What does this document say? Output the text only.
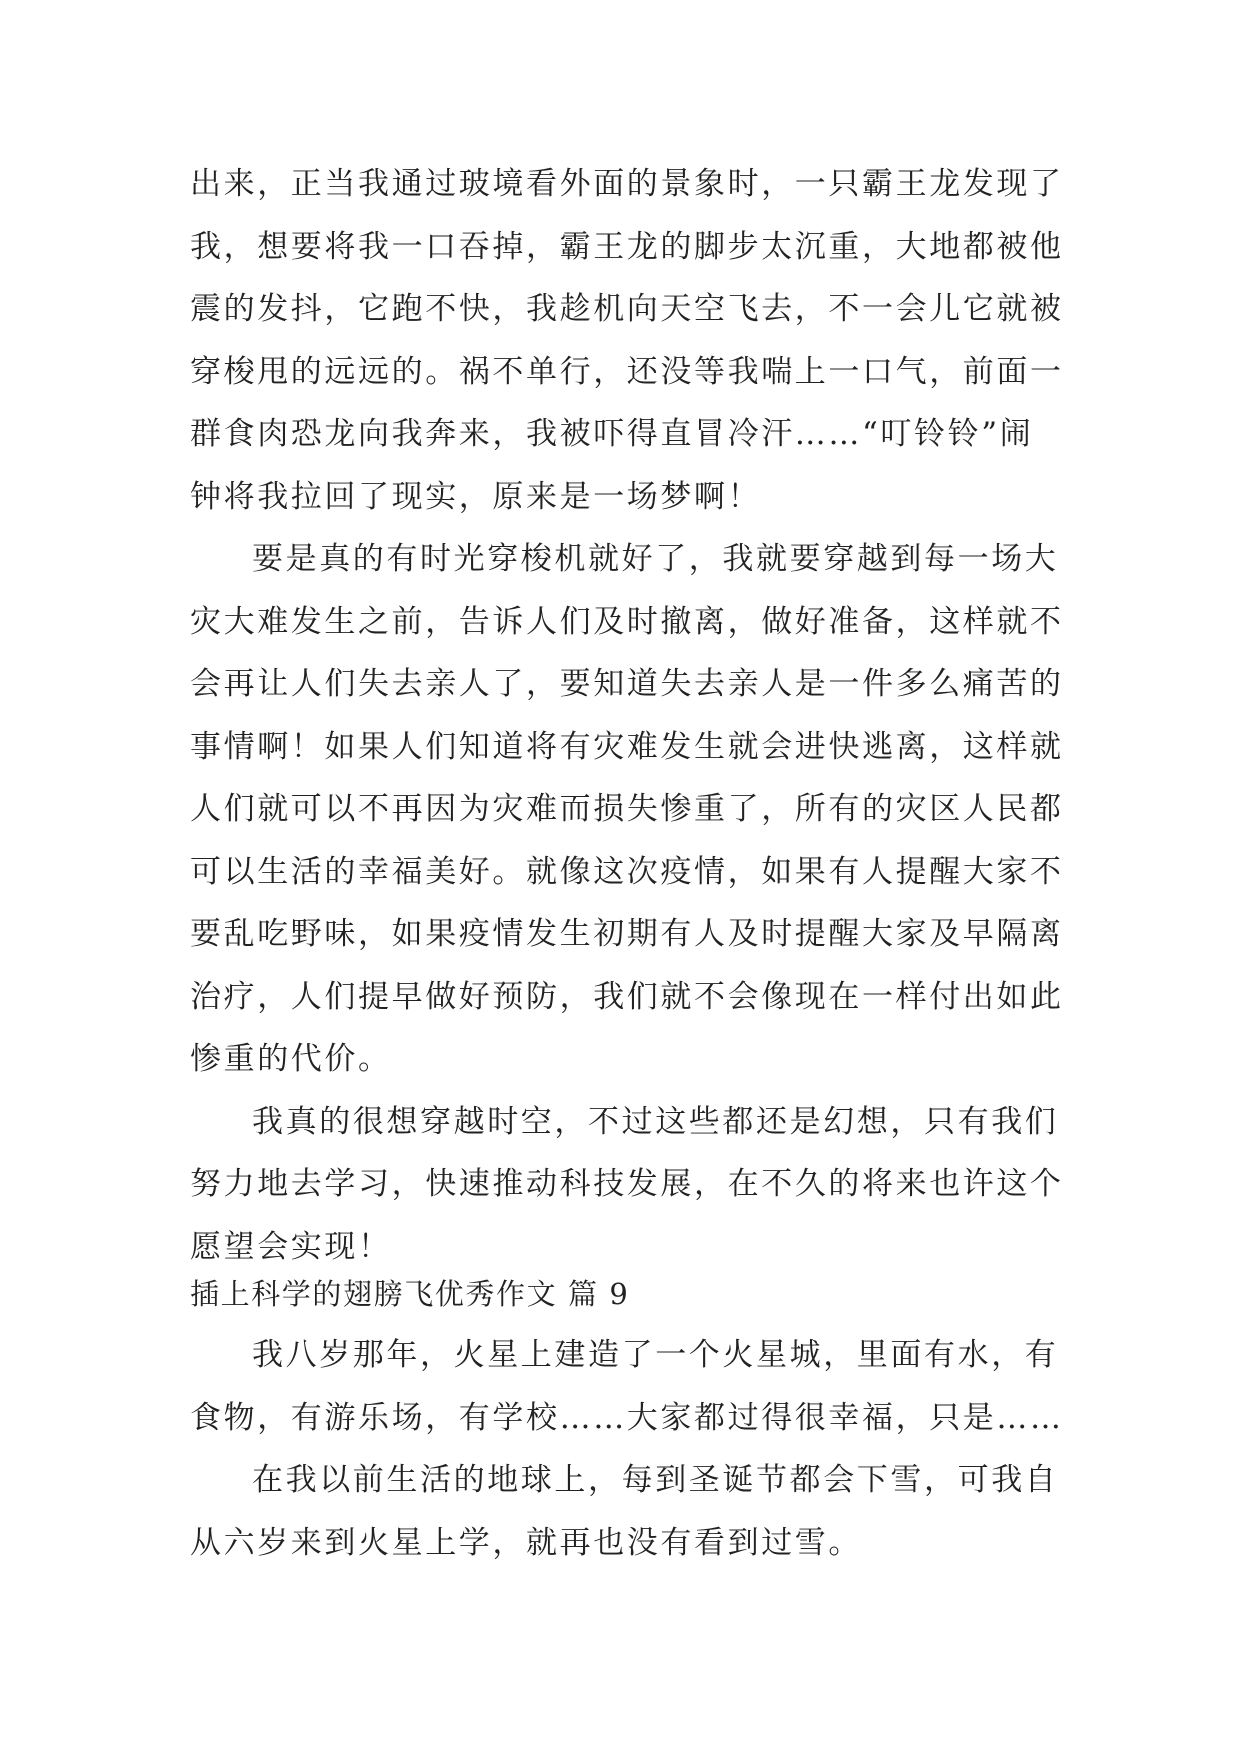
出来，正当我通过玻境看外面的景象时，一只霸王龙发现了
我，想要将我一口吞掉，霸王龙的脚步太沉重，大地都被他
震的发抖，它跑不快，我趁机向天空飞去，不一会儿它就被
穿梭甩的远远的。祸不单行，还没等我喘上一口气，前面一
群食肉恐龙向我奔来，我被吓得直冒冷汗……“叮铃铃”闹
钟将我拉回了现实，原来是一场梦啊！
要是真的有时光穿梭机就好了，我就要穿越到每一场大
灾大难发生之前，告诉人们及时撤离，做好准备，这样就不
会再让人们失去亲人了，要知道失去亲人是一件多么痛苦的
事情啊！如果人们知道将有灾难发生就会进快逃离，这样就
人们就可以不再因为灾难而损失惨重了，所有的灾区人民都
可以生活的幸福美好。就像这次疫情，如果有人提醒大家不
要乱吃野味，如果疫情发生初期有人及时提醒大家及早隔离
治疗，人们提早做好预防，我们就不会像现在一样付出如此
惨重的代价。
我真的很想穿越时空，不过这些都还是幻想，只有我们
努力地去学习，快速推动科技发展，在不久的将来也许这个
愿望会实现！
插上科学的翅膀飞优秀作文 篇 9
我八岁那年，火星上建造了一个火星城，里面有水，有
食物，有游乐场，有学校……大家都过得很幸福，只是……
在我以前生活的地球上，每到圣诞节都会下雪，可我自
从六岁来到火星上学，就再也没有看到过雪。
